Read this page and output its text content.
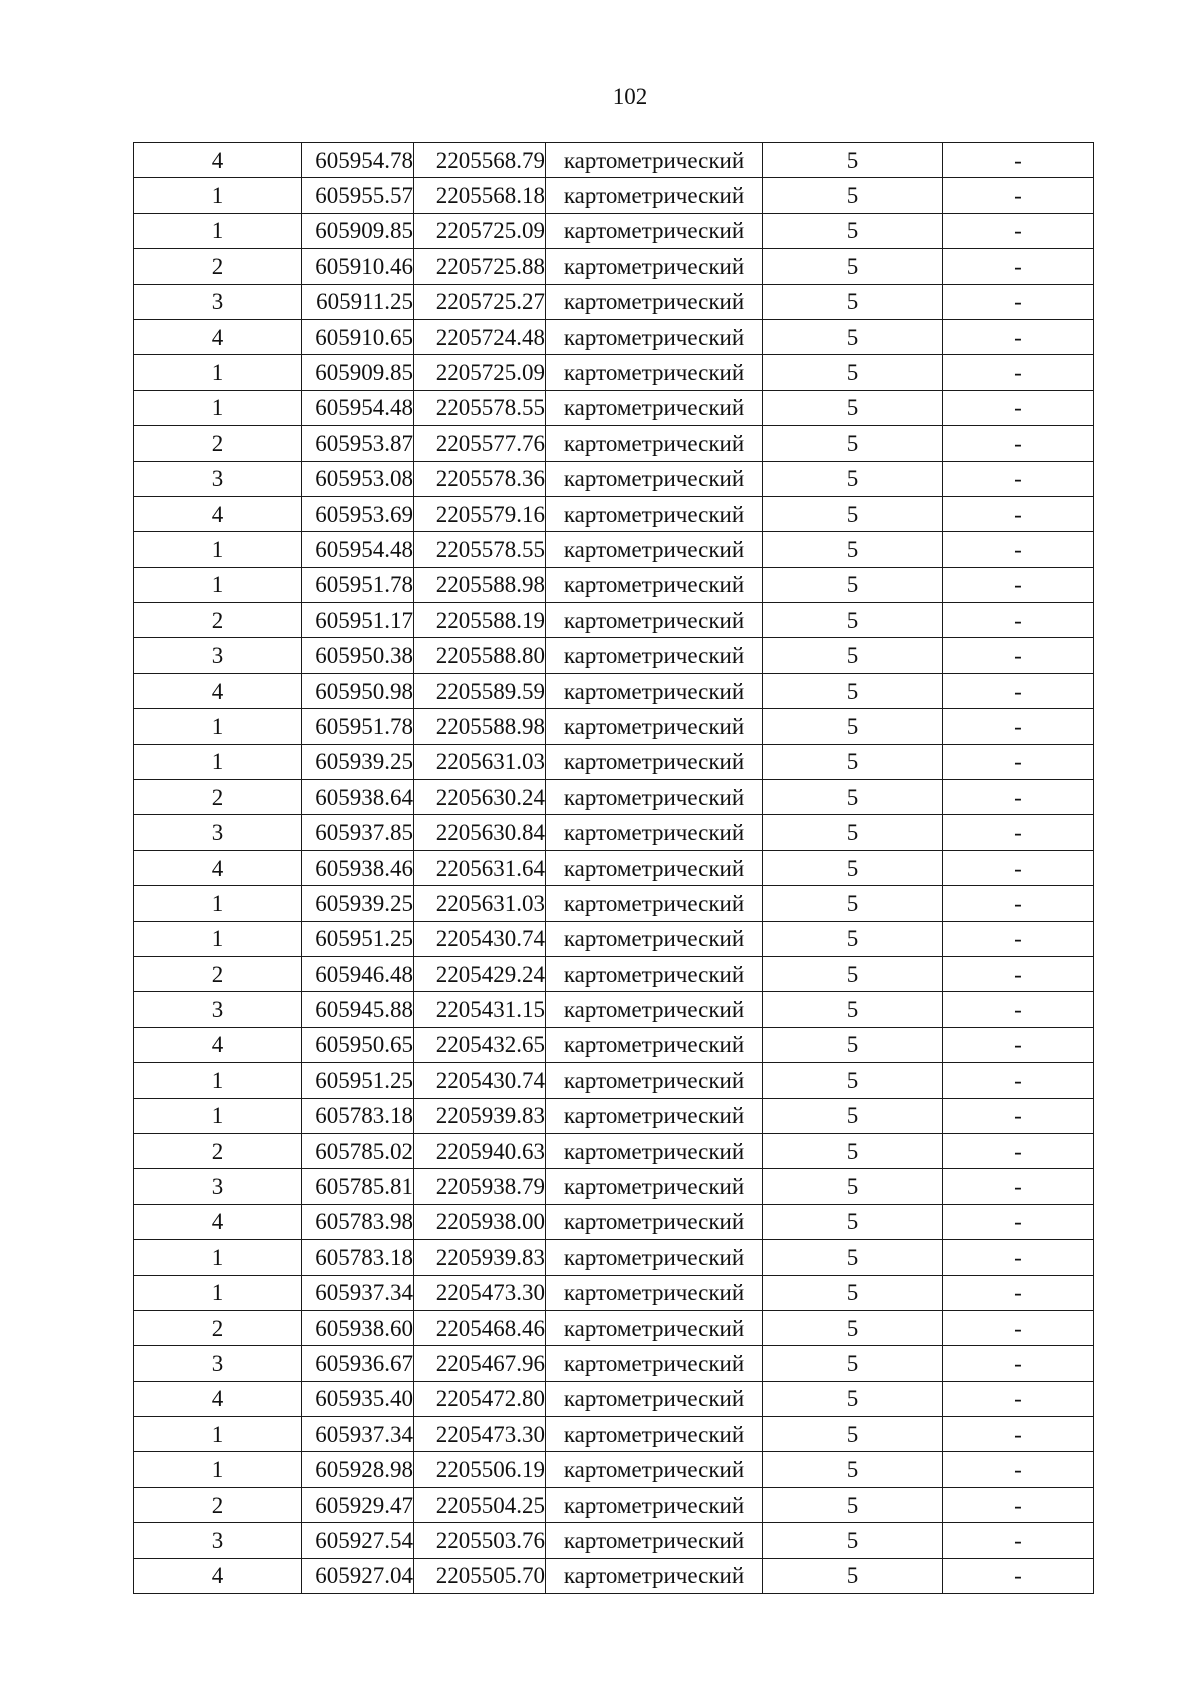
102
4	605954.78	2205568.79	картометрический	5	-
1	605955.57	2205568.18	картометрический	5	-
1	605909.85	2205725.09	картометрический	5	-
2	605910.46	2205725.88	картометрический	5	-
3	605911.25	2205725.27	картометрический	5	-
4	605910.65	2205724.48	картометрический	5	-
1	605909.85	2205725.09	картометрический	5	-
1	605954.48	2205578.55	картометрический	5	-
2	605953.87	2205577.76	картометрический	5	-
3	605953.08	2205578.36	картометрический	5	-
4	605953.69	2205579.16	картометрический	5	-
1	605954.48	2205578.55	картометрический	5	-
1	605951.78	2205588.98	картометрический	5	-
2	605951.17	2205588.19	картометрический	5	-
3	605950.38	2205588.80	картометрический	5	-
4	605950.98	2205589.59	картометрический	5	-
1	605951.78	2205588.98	картометрический	5	-
1	605939.25	2205631.03	картометрический	5	-
2	605938.64	2205630.24	картометрический	5	-
3	605937.85	2205630.84	картометрический	5	-
4	605938.46	2205631.64	картометрический	5	-
1	605939.25	2205631.03	картометрический	5	-
1	605951.25	2205430.74	картометрический	5	-
2	605946.48	2205429.24	картометрический	5	-
3	605945.88	2205431.15	картометрический	5	-
4	605950.65	2205432.65	картометрический	5	-
1	605951.25	2205430.74	картометрический	5	-
1	605783.18	2205939.83	картометрический	5	-
2	605785.02	2205940.63	картометрический	5	-
3	605785.81	2205938.79	картометрический	5	-
4	605783.98	2205938.00	картометрический	5	-
1	605783.18	2205939.83	картометрический	5	-
1	605937.34	2205473.30	картометрический	5	-
2	605938.60	2205468.46	картометрический	5	-
3	605936.67	2205467.96	картометрический	5	-
4	605935.40	2205472.80	картометрический	5	-
1	605937.34	2205473.30	картометрический	5	-
1	605928.98	2205506.19	картометрический	5	-
2	605929.47	2205504.25	картометрический	5	-
3	605927.54	2205503.76	картометрический	5	-
4	605927.04	2205505.70	картометрический	5	-
